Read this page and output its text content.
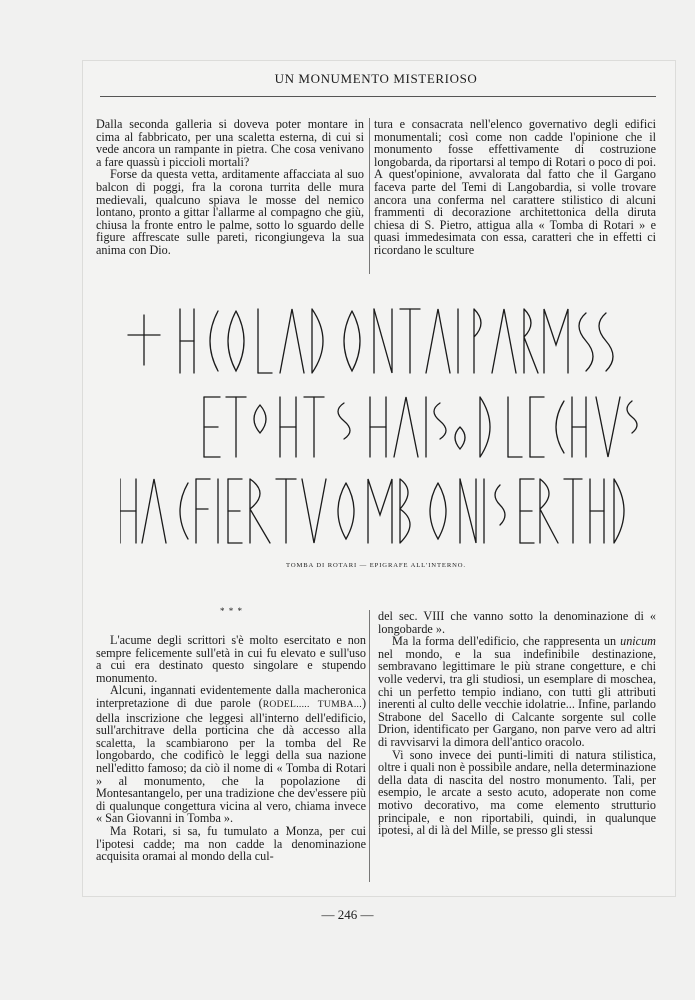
UN MONUMENTO MISTERIOSO

Dalla seconda galleria si doveva poter montare in cima al fabbricato, per una scaletta esterna, di cui si vede ancora un rampante in pietra. Che cosa venivano a fare quassù i piccioli mortali?

Forse da questa vetta, arditamente affacciata al suo balcon di poggi, fra la corona turrita delle mura medievali, qualcuno spiava le mosse del nemico lontano, pronto a gittar l'allarme al compagno che giù, chiusa la fronte entro le palme, sotto lo sguardo delle figure affrescate sulle pareti, ricongiungeva la sua anima con Dio.

tura e consacrata nell'elenco governativo degli edifici monumentali; così come non cadde l'opinione che il monumento fosse effettivamente di costruzione longobarda, da riportarsi al tempo di Rotari o poco di poi. A quest'opinione, avvalorata dal fatto che il Gargano faceva parte del Temi di Langobardia, si volle trovare ancora una conferma nel carattere stilistico di alcuni frammenti di decorazione architettonica della diruta chiesa di S. Pietro, attigua alla « Tomba di Rotari » e quasi immedesimata con essa, caratteri che in effetti ci ricordano le sculture

TOMBA DI ROTARI — EPIGRAFE ALL'INTERNO.
* * *

L'acume degli scrittori s'è molto esercitato e non sempre felicemente sull'età in cui fu elevato e sull'uso a cui era destinato questo singolare e stupendo monumento.

Alcuni, ingannati evidentemente dalla macheronica interpretazione di due parole (RODEL..... TUMBA...) della inscrizione che leggesi all'interno dell'edificio, sull'architrave della porticina che dà accesso alla scaletta, la scambiarono per la tomba del Re longobardo, che codificò le leggi della sua nazione nell'editto famoso; da ciò il nome di « Tomba di Rotari » al monumento, che la popolazione di Montesantangelo, per una tradizione che dev'essere più di qualunque congettura vicina al vero, chiama invece « San Giovanni in Tomba ».

Ma Rotari, si sa, fu tumulato a Monza, per cui l'ipotesi cadde; ma non cadde la denominazione acquisita oramai al mondo della cul-

del sec. VIII che vanno sotto la denominazione di « longobarde ».

Ma la forma dell'edificio, che rappresenta un unicum nel mondo, e la sua indefinibile destinazione, sembravano legittimare le più strane congetture, e chi volle vedervi, tra gli studiosi, un esemplare di moschea, chi un perfetto tempio indiano, con tutti gli attributi inerenti al culto delle vecchie idolatrie... Infine, parlando Strabone del Sacello di Calcante sorgente sul colle Drion, identificato per Gargano, non parve vero ad altri di ravvisarvi la dimora dell'antico oracolo.

Vi sono invece dei punti-limiti di natura stilistica, oltre i quali non è possibile andare, nella determinazione della data di nascita del nostro monumento. Tali, per esempio, le arcate a sesto acuto, adoperate non come motivo decorativo, ma come elemento strutturio principale, e non riportabili, quindi, in qualunque ipotesi, al di là del Mille, se presso gli stessi

— 246 —
